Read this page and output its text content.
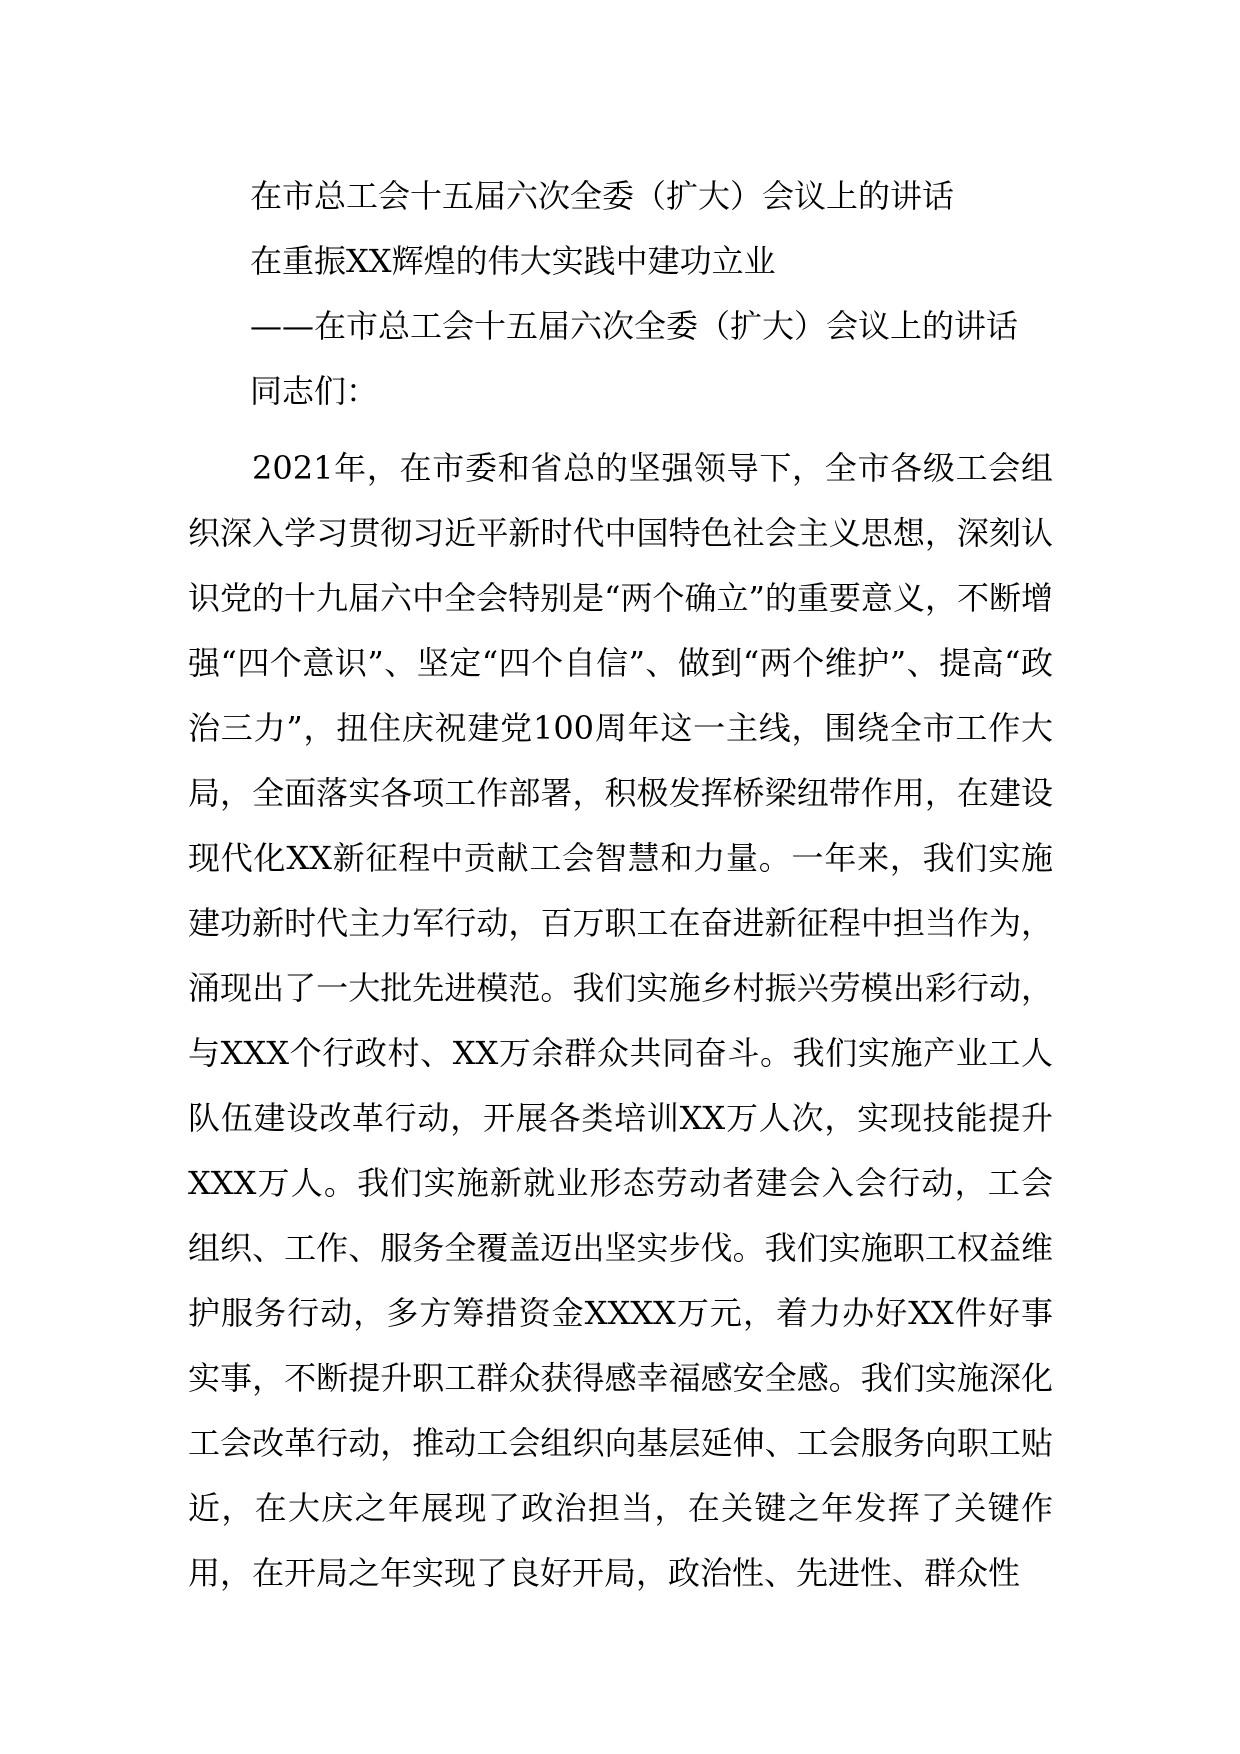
在市总工会十五届六次全委（扩大）会议上的讲话

在重振XX辉煌的伟大实践中建功立业

——在市总工会十五届六次全委（扩大）会议上的讲话

同志们：

2021年，在市委和省总的坚强领导下，全市各级工会组织深入学习贯彻习近平新时代中国特色社会主义思想，深刻认识党的十九届六中全会特别是“两个确立”的重要意义，不断增强“四个意识”、坚定“四个自信”、做到“两个维护”、提高“政治三力”，扭住庆祝建党100周年这一主线，围绕全市工作大局，全面落实各项工作部署，积极发挥桥梁纽带作用，在建设现代化XX新征程中贡献工会智慧和力量。一年来，我们实施建功新时代主力军行动，百万职工在奋进新征程中担当作为，涌现出了一大批先进模范。我们实施乡村振兴劳模出彩行动，与XXX个行政村、XX万余群众共同奋斗。我们实施产业工人队伍建设改革行动，开展各类培训XX万人次，实现技能提升XXX万人。我们实施新就业形态劳动者建会入会行动，工会组织、工作、服务全覆盖迈出坚实步伐。我们实施职工权益维护服务行动，多方筹措资金XXXX万元，着力办好XX件好事实事，不断提升职工群众获得感幸福感安全感。我们实施深化工会改革行动，推动工会组织向基层延伸、工会服务向职工贴近，在大庆之年展现了政治担当，在关键之年发挥了关键作用，在开局之年实现了良好开局，政治性、先进性、群众性
